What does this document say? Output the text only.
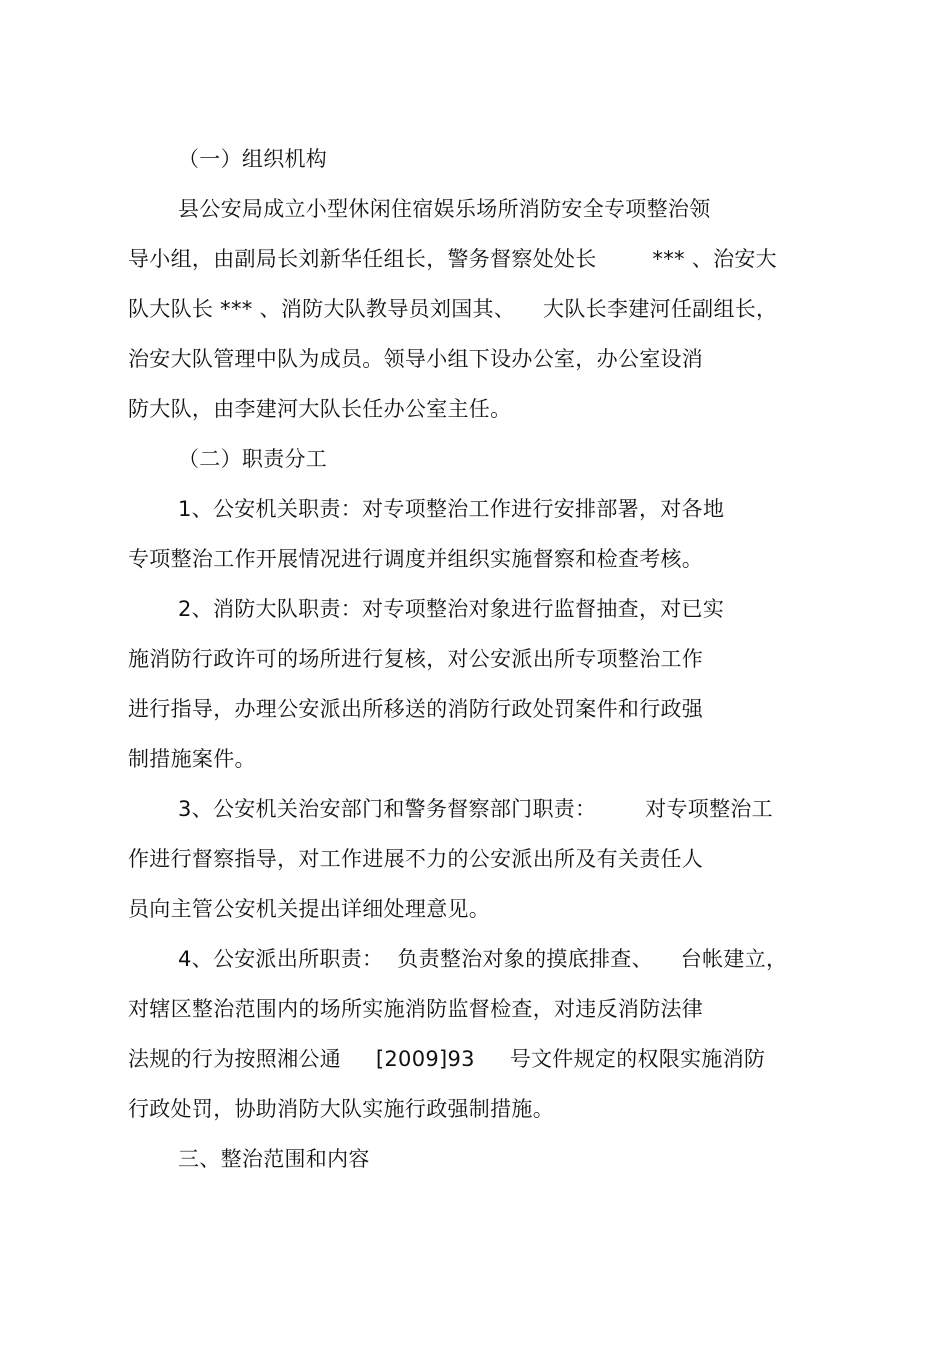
（一）组织机构
县公安局成立小型休闲住宿娱乐场所消防安全专项整治领
导小组，由副局长刘新华任组长，警务督察处处长        *** 、治安大
队大队长 *** 、消防大队教导员刘国其、    大队长李建河任副组长，
治安大队管理中队为成员。领导小组下设办公室，办公室设消
防大队，由李建河大队长任办公室主任。
（二）职责分工
1、公安机关职责：对专项整治工作进行安排部署，对各地
专项整治工作开展情况进行调度并组织实施督察和检查考核。
2、消防大队职责：对专项整治对象进行监督抽查，对已实
施消防行政许可的场所进行复核，对公安派出所专项整治工作
进行指导，办理公安派出所移送的消防行政处罚案件和行政强
制措施案件。
3、公安机关治安部门和警务督察部门职责：       对专项整治工
作进行督察指导，对工作进展不力的公安派出所及有关责任人
员向主管公安机关提出详细处理意见。
4、公安派出所职责：  负责整治对象的摸底排查、    台帐建立，
对辖区整治范围内的场所实施消防监督检查，对违反消防法律
法规的行为按照湘公通     [2009]93     号文件规定的权限实施消防
行政处罚，协助消防大队实施行政强制措施。
三、整治范围和内容
